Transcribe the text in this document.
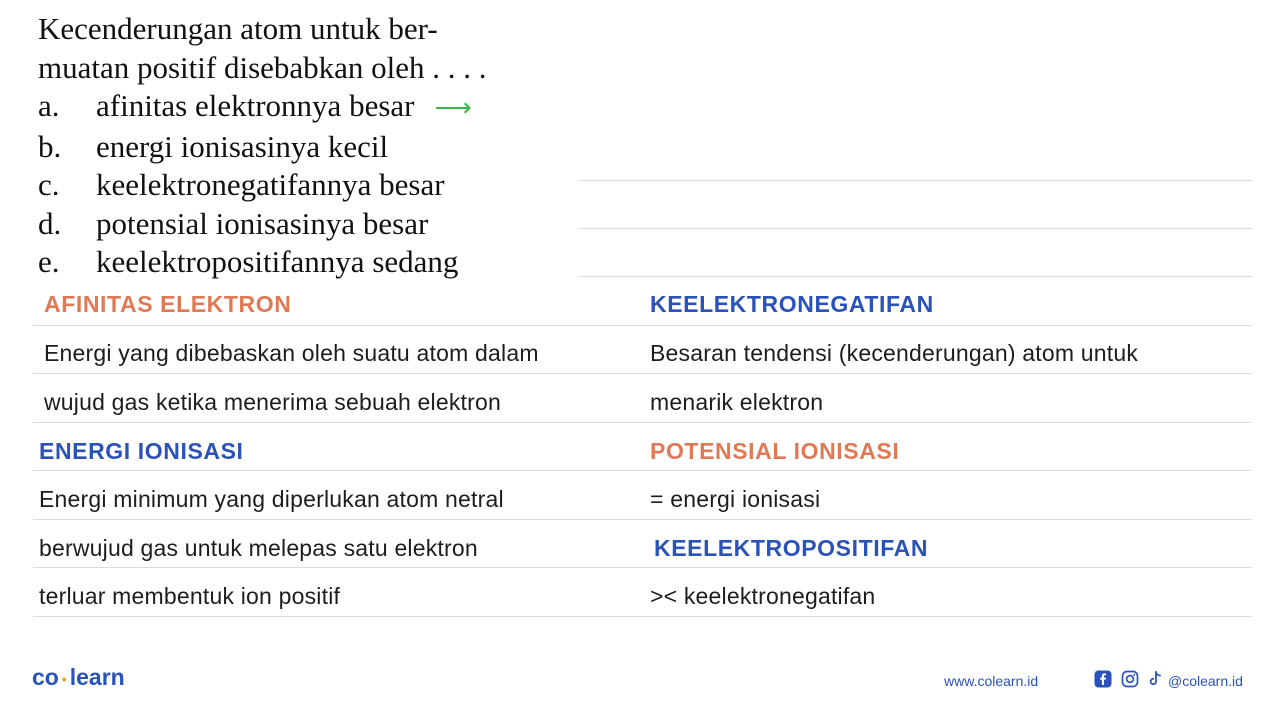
Kecenderungan atom untuk ber-
muatan positif disebabkan oleh . . . .
a. afinitas elektronnya besar ⟶
b. energi ionisasinya kecil
c. keelektronegatifannya besar
d. potensial ionisasinya besar
e. keelektropositifannya sedang
AFINITAS ELEKTRON
Energi yang dibebaskan oleh suatu atom dalam
wujud gas ketika menerima sebuah elektron
ENERGI IONISASI
Energi minimum yang diperlukan atom netral
berwujud gas untuk melepas satu elektron
terluar membentuk ion positif
KEELEKTRONEGATIFAN
Besaran tendensi (kecenderungan) atom untuk
menarik elektron
POTENSIAL IONISASI
= energi ionisasi
KEELEKTROPOSITIFAN
>< keelektronegatifan
co • learn	www.colearn.id	@colearn.id
